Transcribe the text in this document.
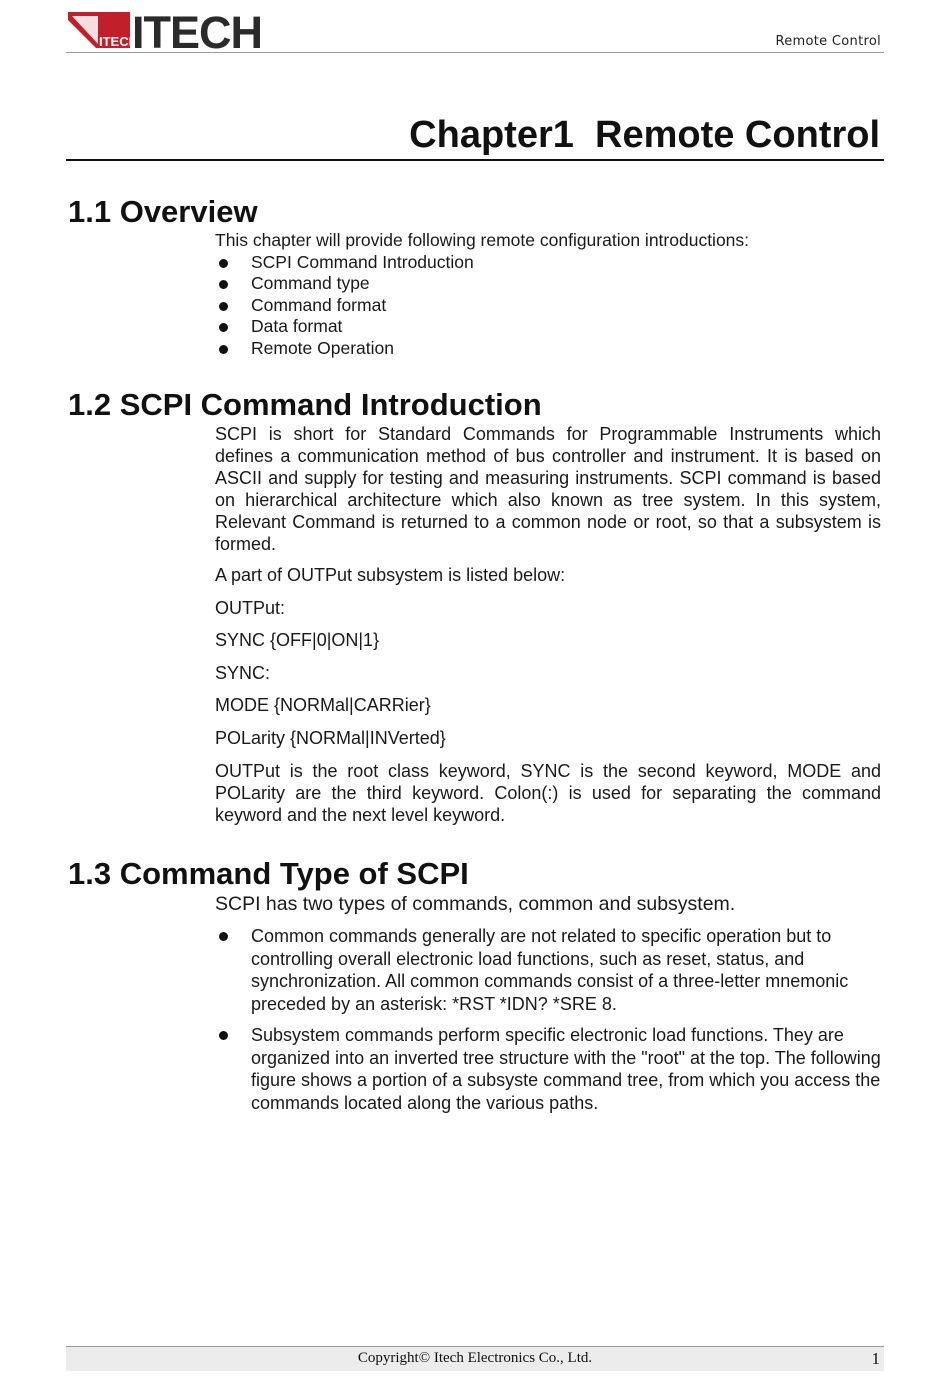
ITECH
ITECH	Remote Control
Chapter1  Remote Control
1.1 Overview

This chapter will provide following remote configuration introductions:

SCPI Command Introduction
Command type
Command format
Data format
Remote Operation
1.2 SCPI Command Introduction

SCPI is short for Standard Commands for Programmable Instruments which defines a communication method of bus controller and instrument. It is based on ASCII and supply for testing and measuring instruments. SCPI command is based on hierarchical architecture which also known as tree system. In this system, Relevant Command is returned to a common node or root, so that a subsystem is formed.

A part of OUTPut subsystem is listed below:

OUTPut:

SYNC {OFF|0|ON|1}

SYNC:

MODE {NORMal|CARRier}

POLarity {NORMal|INVerted}

OUTPut is the root class keyword, SYNC is the second keyword, MODE and POLarity are the third keyword. Colon(:) is used for separating the command keyword and the next level keyword.

1.3 Command Type of SCPI

SCPI has two types of commands, common and subsystem.

Common commands generally are not related to specific operation but to controlling overall electronic load functions, such as reset, status, and synchronization. All common commands consist of a three-letter mnemonic preceded by an asterisk: *RST *IDN? *SRE 8.
Subsystem commands perform specific electronic load functions. They are organized into an inverted tree structure with the "root" at the top. The following figure shows a portion of a subsyste command tree, from which you access the commands located along the various paths.
Copyright© Itech Electronics Co., Ltd.	1
